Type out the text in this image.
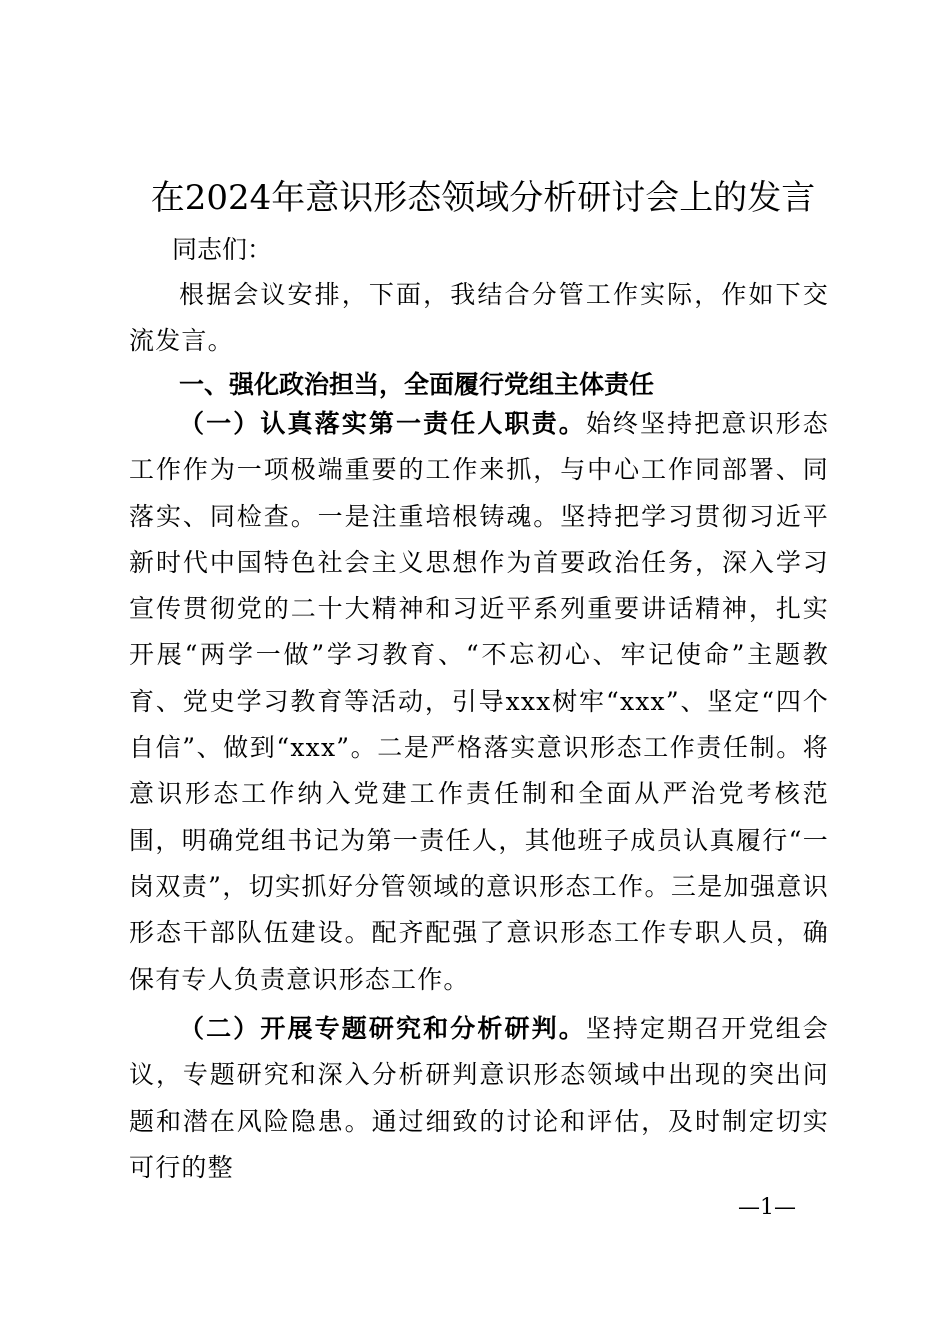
在2024年意识形态领域分析研讨会上的发言
同志们：

根据会议安排，下面，我结合分管工作实际，作如下交流发言。

一、强化政治担当，全面履行党组主体责任

（一）认真落实第一责任人职责。始终坚持把意识形态工作作为一项极端重要的工作来抓，与中心工作同部署、同落实、同检查。一是注重培根铸魂。坚持把学习贯彻习近平新时代中国特色社会主义思想作为首要政治任务，深入学习宣传贯彻党的二十大精神和习近平系列重要讲话精神，扎实开展“两学一做”学习教育、“不忘初心、牢记使命”主题教育、党史学习教育等活动，引导xxx树牢“xxx”、坚定“四个自信”、做到“xxx”。二是严格落实意识形态工作责任制。将意识形态工作纳入党建工作责任制和全面从严治党考核范围，明确党组书记为第一责任人，其他班子成员认真履行“一岗双责”，切实抓好分管领域的意识形态工作。三是加强意识形态干部队伍建设。配齐配强了意识形态工作专职人员，确保有专人负责意识形态工作。

（二）开展专题研究和分析研判。坚持定期召开党组会议，专题研究和深入分析研判意识形态领域中出现的突出问题和潜在风险隐患。通过细致的讨论和评估，及时制定切实可行的整

—1—
